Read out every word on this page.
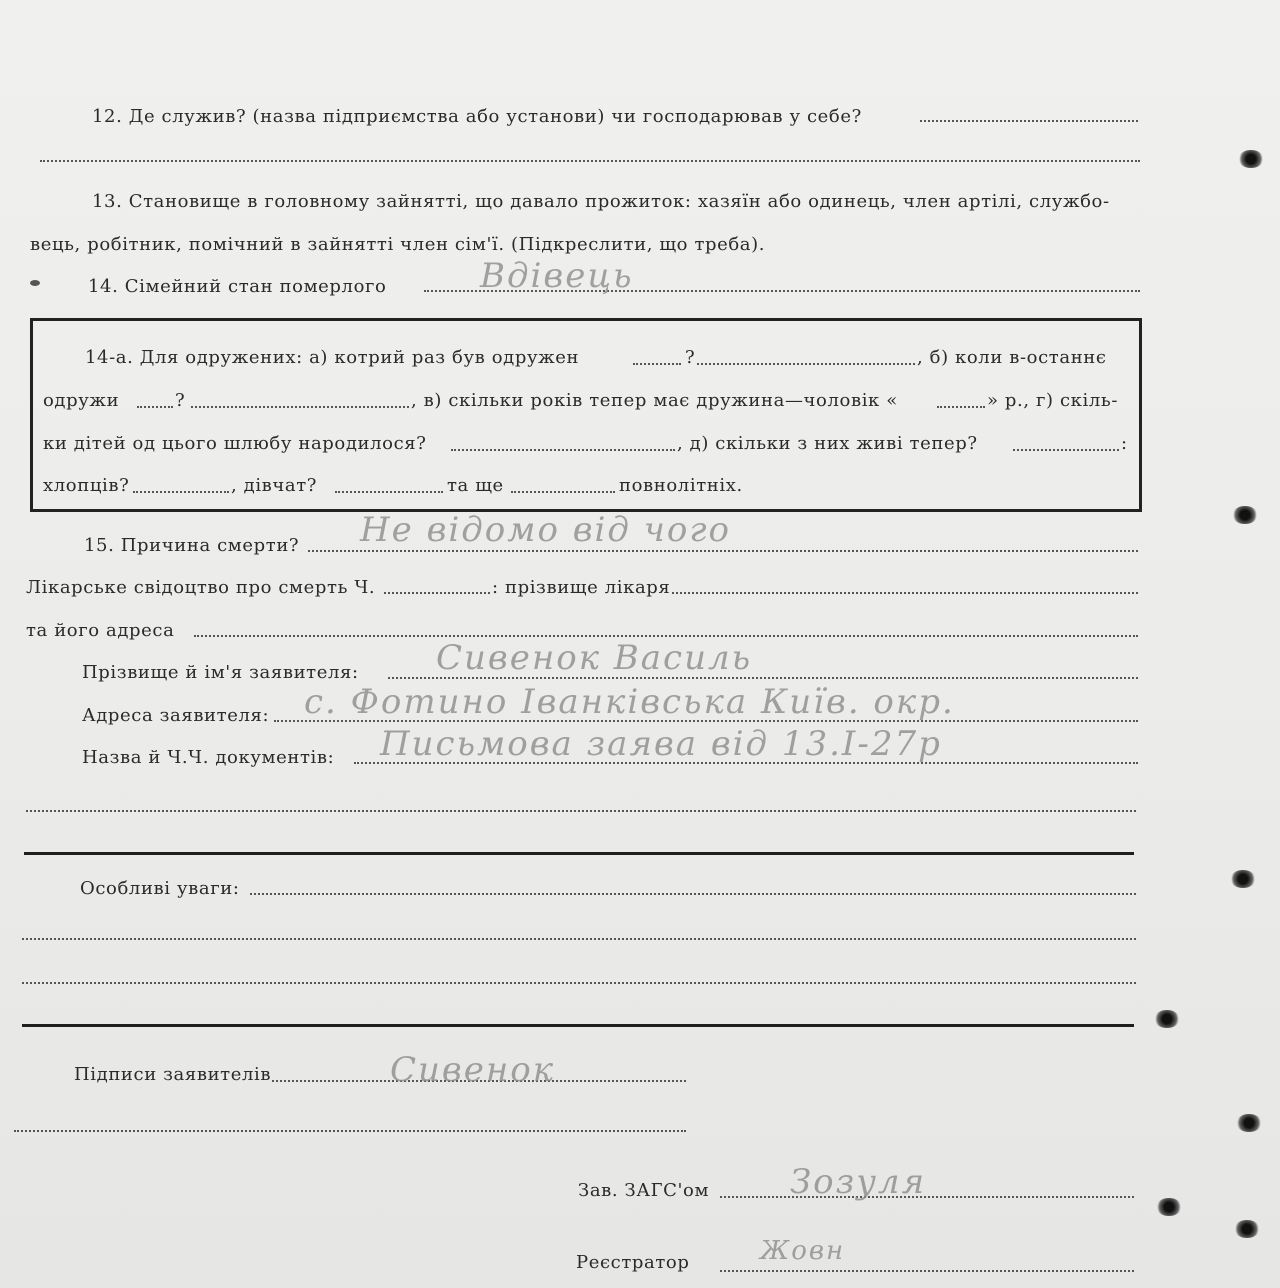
12. Де служив? (назва підприємства або установи) чи господарював у себе?
13. Становище в головному зайнятті, що давало прожиток: хазяїн або одинець, член артілі, службо-
вець, робітник, помічний в зайнятті член сім'ї. (Підкреслити, що треба).
14. Сімейний стан померлого	Вдівець
14-а. Для одружених: а) котрий раз був одружен	?	, б) коли в-останнє
одружи	?	, в) скільки років тепер має дружина—чоловік «	» р., г) скіль-
ки дітей од цього шлюбу народилося?	, д) скільки з них живі тепер?	:
хлопців?	, дівчат?	та ще	повнолітніх.
15. Причина смерти? Не відомо від чого
Лікарське свідоцтво про смерть Ч.	: прізвище лікаря
та його адреса
Прізвище й ім'я заявителя: Сивенок Василь
Адреса заявителя: с. Фотино Іванківська Київ. окр.
Назва й Ч.Ч. документів: Письмова заява від 13.І-27р
Особливі уваги:
Підписи заявителів	Сивенок
Зав. ЗАГС'ом Зозуля
Реєстратор	Жовн
